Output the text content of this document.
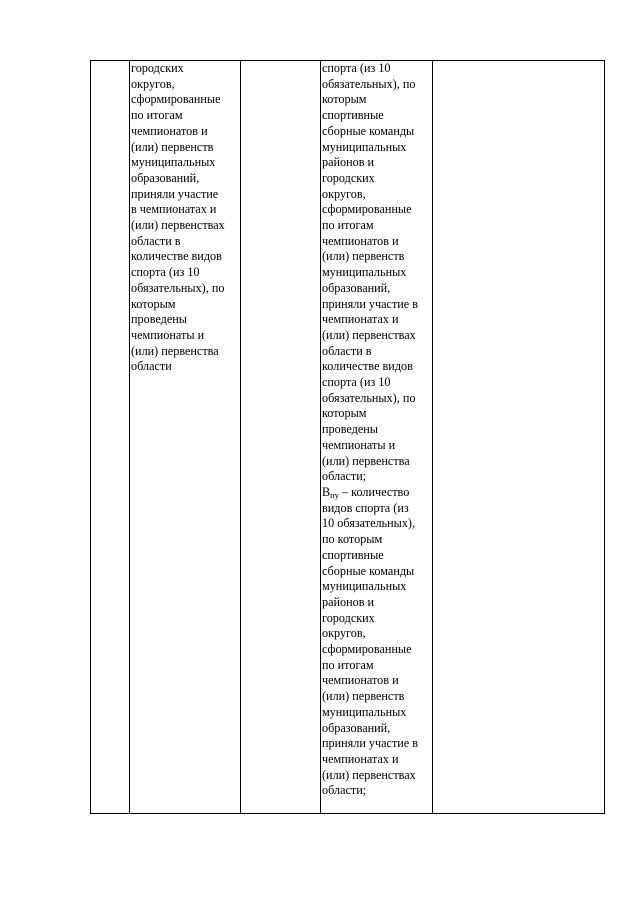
городских
округов,
сформированные
по итогам
чемпионатов и
(или) первенств
муниципальных
образований,
приняли участие
в чемпионатах и
(или) первенствах
области в
количестве видов
спорта (из 10
обязательных), по
которым
проведены
чемпионаты и
(или) первенства
области
спорта (из 10
обязательных), по
которым
спортивные
сборные команды
муниципальных
районов и
городских
округов,
сформированные
по итогам
чемпионатов и
(или) первенств
муниципальных
образований,
приняли участие в
чемпионатах и
(или) первенствах
области в
количестве видов
спорта (из 10
обязательных), по
которым
проведены
чемпионаты и
(или) первенства
области;
$В_{пу}$ – количество
видов спорта (из
10 обязательных),
по которым
спортивные
сборные команды
муниципальных
районов и
городских
округов,
сформированные
по итогам
чемпионатов и
(или) первенств
муниципальных
образований,
приняли участие в
чемпионатах и
(или) первенствах
области;
